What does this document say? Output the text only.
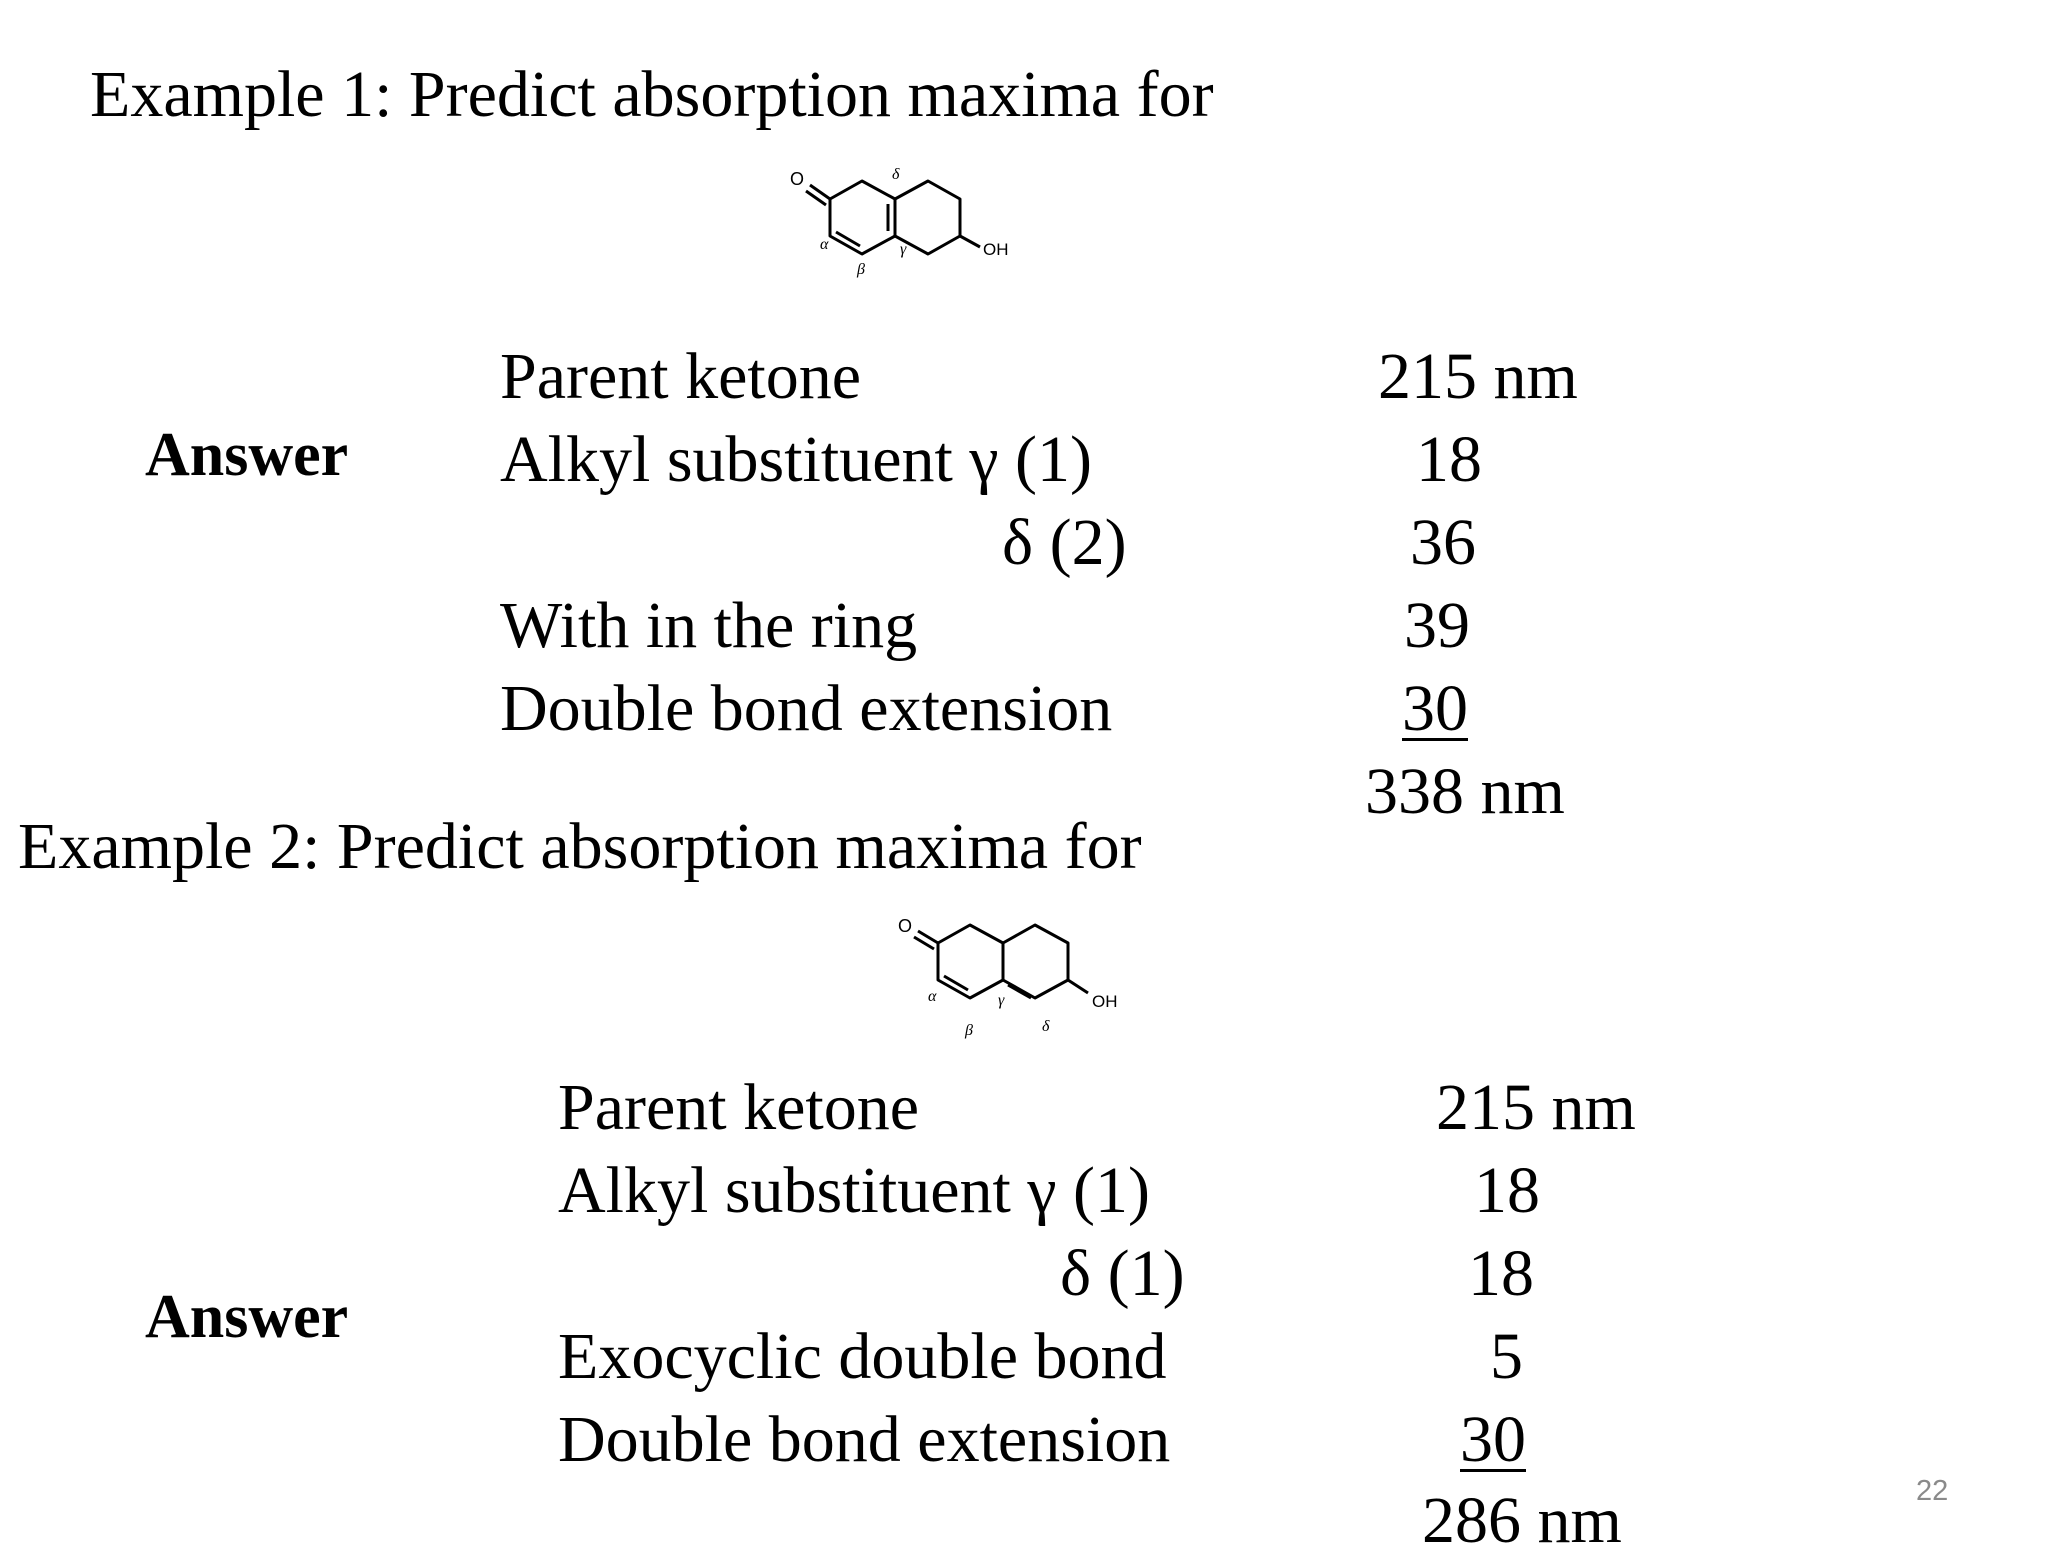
Example 1: Predict absorption maxima for
O
OH
α
β
γ
δ
Answer
Parent ketone	215 nm
Alkyl substituent γ (1)	18
δ (2)	36
With in the ring	39
Double bond extension	30
338 nm
Example 2: Predict absorption maxima for
O
OH
α
β
γ
δ
Answer
Parent ketone	215 nm
Alkyl substituent γ (1)	18
δ (1)	18
Exocyclic double bond	5
Double bond extension	30
286 nm	22
